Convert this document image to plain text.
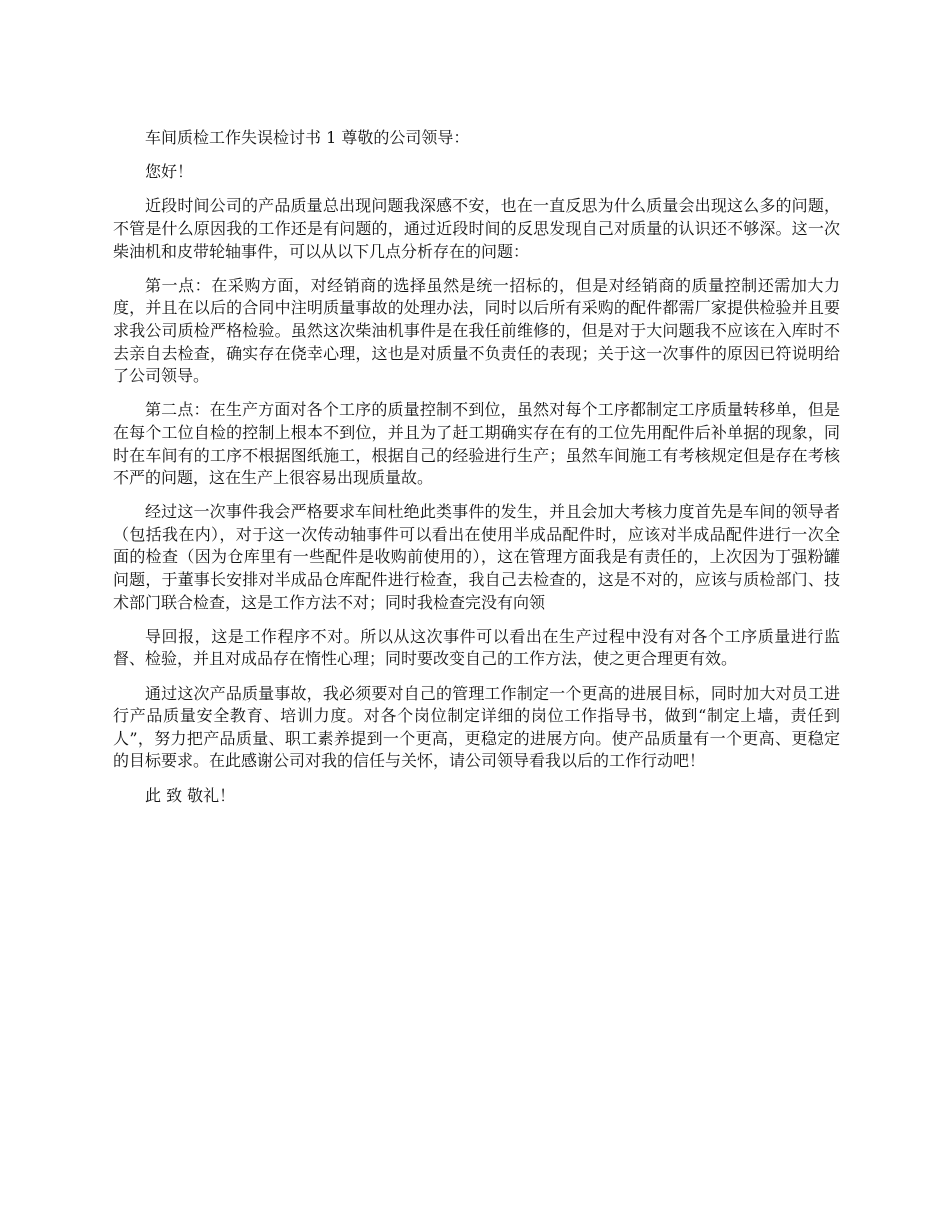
车间质检工作失误检讨书 1 尊敬的公司领导：

您好！

近段时间公司的产品质量总出现问题我深感不安，也在一直反思为什么质量会出现这么多的问题，不管是什么原因我的工作还是有问题的，通过近段时间的反思发现自己对质量的认识还不够深。这一次柴油机和皮带轮轴事件，可以从以下几点分析存在的问题：

第一点：在采购方面，对经销商的选择虽然是统一招标的，但是对经销商的质量控制还需加大力度，并且在以后的合同中注明质量事故的处理办法，同时以后所有采购的配件都需厂家提供检验并且要求我公司质检严格检验。虽然这次柴油机事件是在我任前维修的，但是对于大问题我不应该在入库时不去亲自去检查，确实存在侥幸心理，这也是对质量不负责任的表现；关于这一次事件的原因已符说明给了公司领导。

第二点：在生产方面对各个工序的质量控制不到位，虽然对每个工序都制定工序质量转移单，但是在每个工位自检的控制上根本不到位，并且为了赶工期确实存在有的工位先用配件后补单据的现象，同时在车间有的工序不根据图纸施工，根据自己的经验进行生产；虽然车间施工有考核规定但是存在考核不严的问题，这在生产上很容易出现质量故。

经过这一次事件我会严格要求车间杜绝此类事件的发生，并且会加大考核力度首先是车间的领导者（包括我在内），对于这一次传动轴事件可以看出在使用半成品配件时，应该对半成品配件进行一次全面的检查（因为仓库里有一些配件是收购前使用的），这在管理方面我是有责任的，上次因为丁强粉罐问题，于董事长安排对半成品仓库配件进行检查，我自己去检查的，这是不对的，应该与质检部门、技术部门联合检查，这是工作方法不对；同时我检查完没有向领

导回报，这是工作程序不对。所以从这次事件可以看出在生产过程中没有对各个工序质量进行监督、检验，并且对成品存在惰性心理；同时要改变自己的工作方法，使之更合理更有效。

通过这次产品质量事故，我必须要对自己的管理工作制定一个更高的进展目标，同时加大对员工进行产品质量安全教育、培训力度。对各个岗位制定详细的岗位工作指导书，做到“制定上墙，责任到人”，努力把产品质量、职工素养提到一个更高，更稳定的进展方向。使产品质量有一个更高、更稳定的目标要求。在此感谢公司对我的信任与关怀，请公司领导看我以后的工作行动吧！

此 致 敬礼！
